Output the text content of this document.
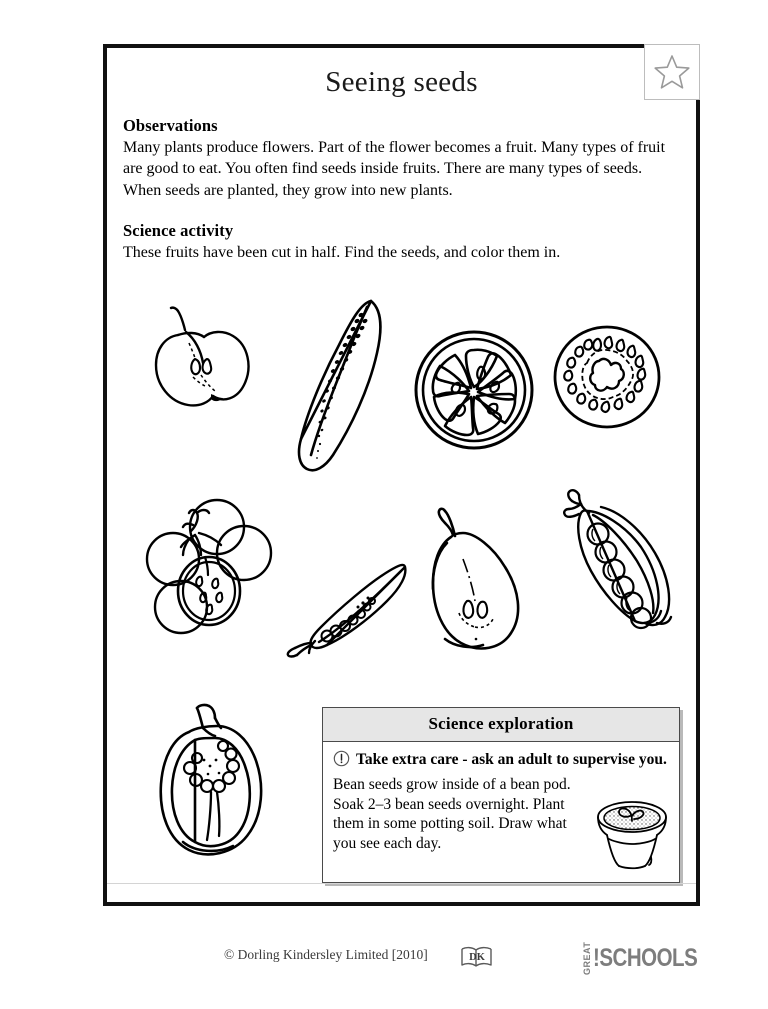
Seeing seeds

Observations

Many plants produce flowers. Part of the flower becomes a fruit. Many types of fruit are good to eat. You often find seeds inside fruits. There are many types of seeds. When seeds are planted, they grow into new plants.

Science activity

These fruits have been cut in half. Find the seeds, and color them in.

Science exploration

Take extra care - ask an adult to supervise you.

Bean seeds grow inside of a bean pod. Soak 2–3 bean seeds overnight. Plant them in some potting soil. Draw what you see each day.

© Dorling Kindersley Limited [2010]	DK	GREAT !SCHOOLS
